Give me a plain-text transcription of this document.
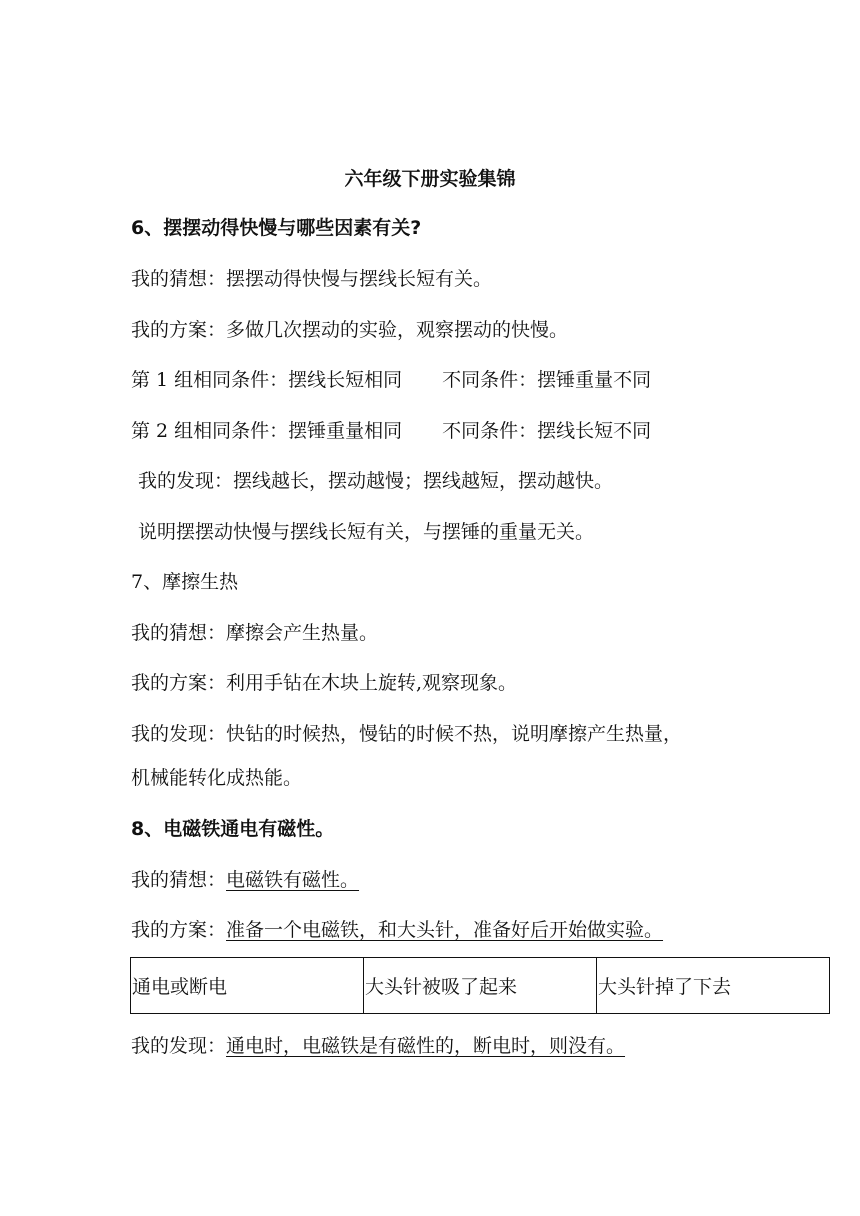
六年级下册实验集锦
6、摆摆动得快慢与哪些因素有关?
我的猜想：摆摆动得快慢与摆线长短有关。
我的方案：多做几次摆动的实验，观察摆动的快慢。
第 1 组相同条件：摆线长短相同 不同条件：摆锤重量不同
第 2 组相同条件：摆锤重量相同 不同条件：摆线长短不同
我的发现：摆线越长，摆动越慢；摆线越短，摆动越快。
说明摆摆动快慢与摆线长短有关，与摆锤的重量无关。
7、摩擦生热
我的猜想：摩擦会产生热量。
我的方案：利用手钻在木块上旋转,观察现象。
我的发现：快钻的时候热，慢钻的时候不热，说明摩擦产生热量，
机械能转化成热能。
8、电磁铁通电有磁性。
我的猜想：电磁铁有磁性。
我的方案：准备一个电磁铁，和大头针，准备好后开始做实验。
通电或断电	大头针被吸了起来	大头针掉了下去
我的发现：通电时，电磁铁是有磁性的，断电时，则没有。
